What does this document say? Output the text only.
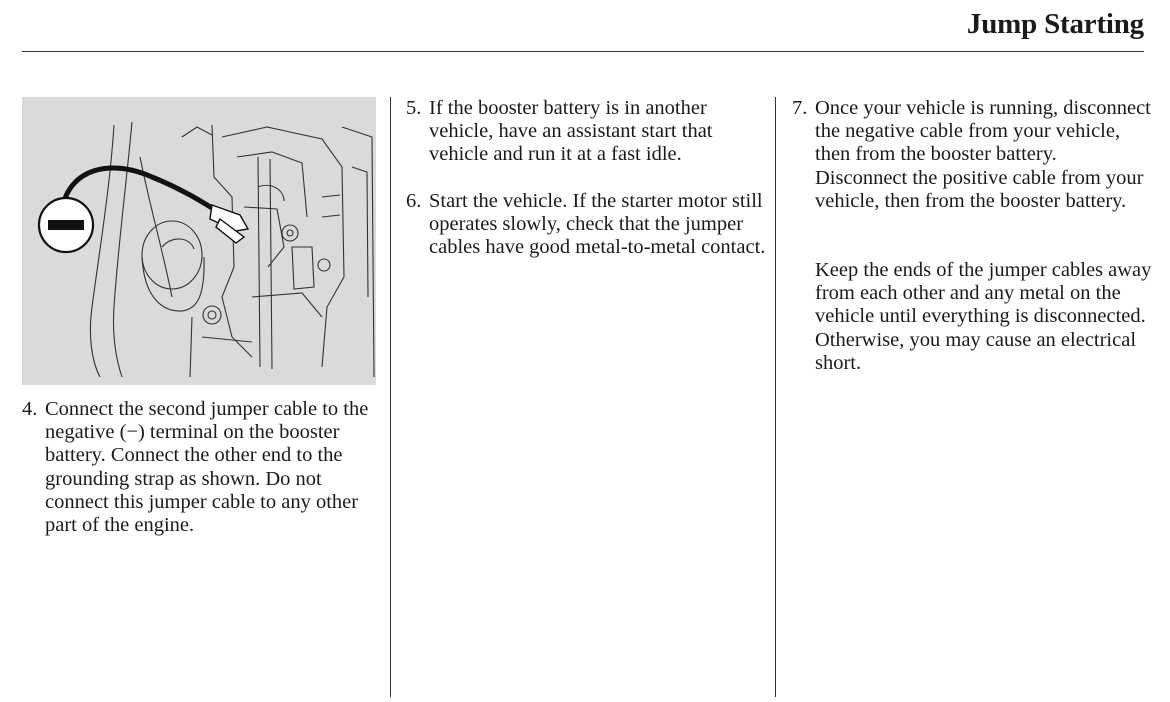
Jump Starting
4. Connect the second jumper cable to the negative (−) terminal on the booster battery. Connect the other end to the grounding strap as shown. Do not connect this jumper cable to any other part of the engine.
5. If the booster battery is in another vehicle, have an assistant start that vehicle and run it at a fast idle.
6. Start the vehicle. If the starter motor still operates slowly, check that the jumper cables have good metal-to-metal contact.
7. Once your vehicle is running, disconnect the negative cable from your vehicle, then from the booster battery. Disconnect the positive cable from your vehicle, then from the booster battery.
Keep the ends of the jumper cables away from each other and any metal on the vehicle until everything is disconnected. Otherwise, you may cause an electrical short.
